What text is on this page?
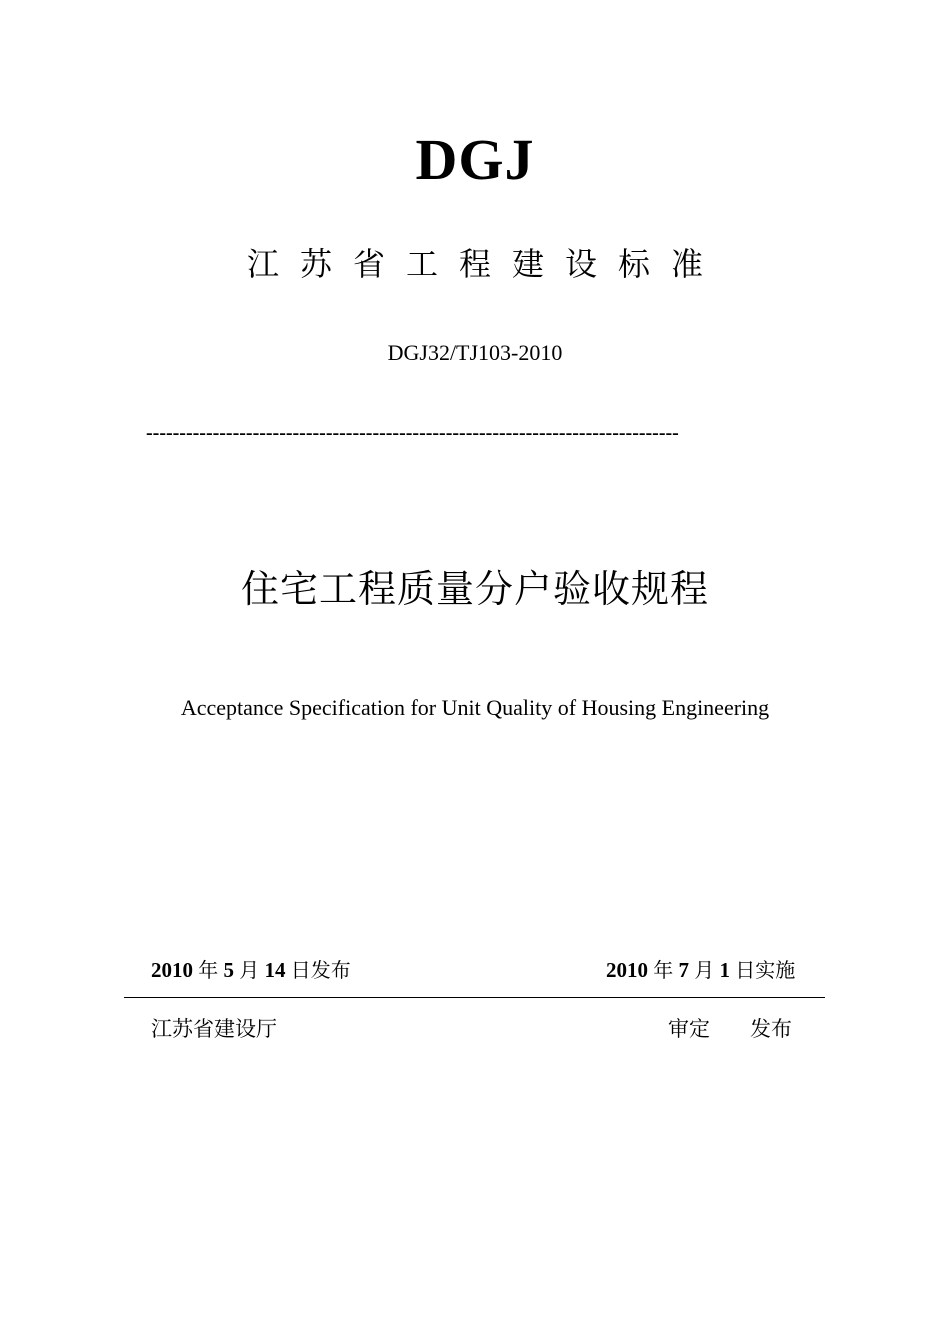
DGJ
江苏省工程建设标准
DGJ32/TJ103-2010
--------------------------------------------------------------------------------
住宅工程质量分户验收规程
Acceptance Specification for Unit Quality of Housing Engineering
2010 年 5 月 14 日发布	2010 年 7 月 1 日实施
江苏省建设厅	审定 发布
